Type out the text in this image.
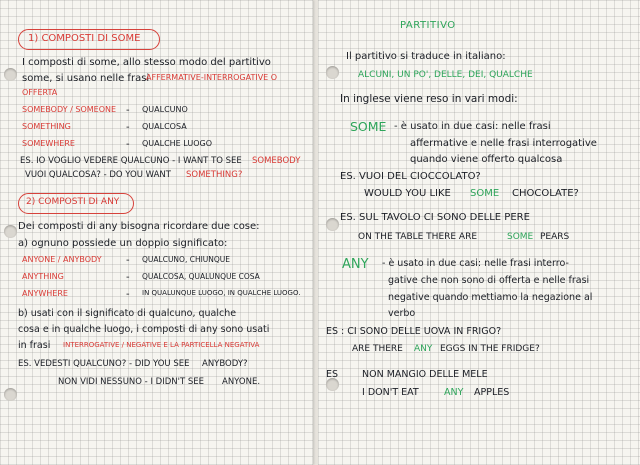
1) COMPOSTI DI SOME
I composti di some, allo stesso modo del partitivo
some, si usano nelle frasi
AFFERMATIVE-INTERROGATIVE O
OFFERTA
SOMEBODY / SOMEONE - QUALCUNO
SOMETHING	- QUALCOSA
SOMEWHERE	- QUALCHE LUOGO
ES. IO VOGLIO VEDERE QUALCUNO - I WANT TO SEE SOMEBODY
VUOI QUALCOSA? - DO YOU WANT SOMETHING?
2) COMPOSTI DI ANY
Dei composti di any bisogna ricordare due cose:
a) ognuno possiede un doppio significato:
ANYONE / ANYBODY - QUALCUNO, CHIUNQUE
ANYTHING	- QUALCOSA, QUALUNQUE COSA
ANYWHERE	- IN QUALUNQUE LUOGO, IN QUALCHE LUOGO.
b) usati con il significato di qualcuno, qualche
cosa e in qualche luogo, i composti di any sono usati
in frasi INTERROGATIVE / NEGATIVE E LA PARTICELLA NEGATIVA
ES. VEDESTI QUALCUNO? - DID YOU SEE ANYBODY?
NON VIDI NESSUNO - I DIDN'T SEE ANYONE.
PARTITIVO
Il partitivo si traduce in italiano:
ALCUNI, UN PO', DELLE, DEI, QUALCHE
In inglese viene reso in vari modi:
SOME - è usato in due casi: nelle frasi
affermative e nelle frasi interrogative
quando viene offerto qualcosa
ES. VUOI DEL CIOCCOLATO?
WOULD YOU LIKE SOME CHOCOLATE?
ES. SUL TAVOLO CI SONO DELLE PERE
ON THE TABLE THERE ARE	SOME PEARS
ANY - è usato in due casi: nelle frasi interro-
gative che non sono di offerta e nelle frasi
negative quando mettiamo la negazione al
verbo
ES : CI SONO DELLE UOVA IN FRIGO?
ARE THERE ANY EGGS IN THE FRIDGE?
ES	NON MANGIO DELLE MELE
I DON'T EAT	ANY APPLES
